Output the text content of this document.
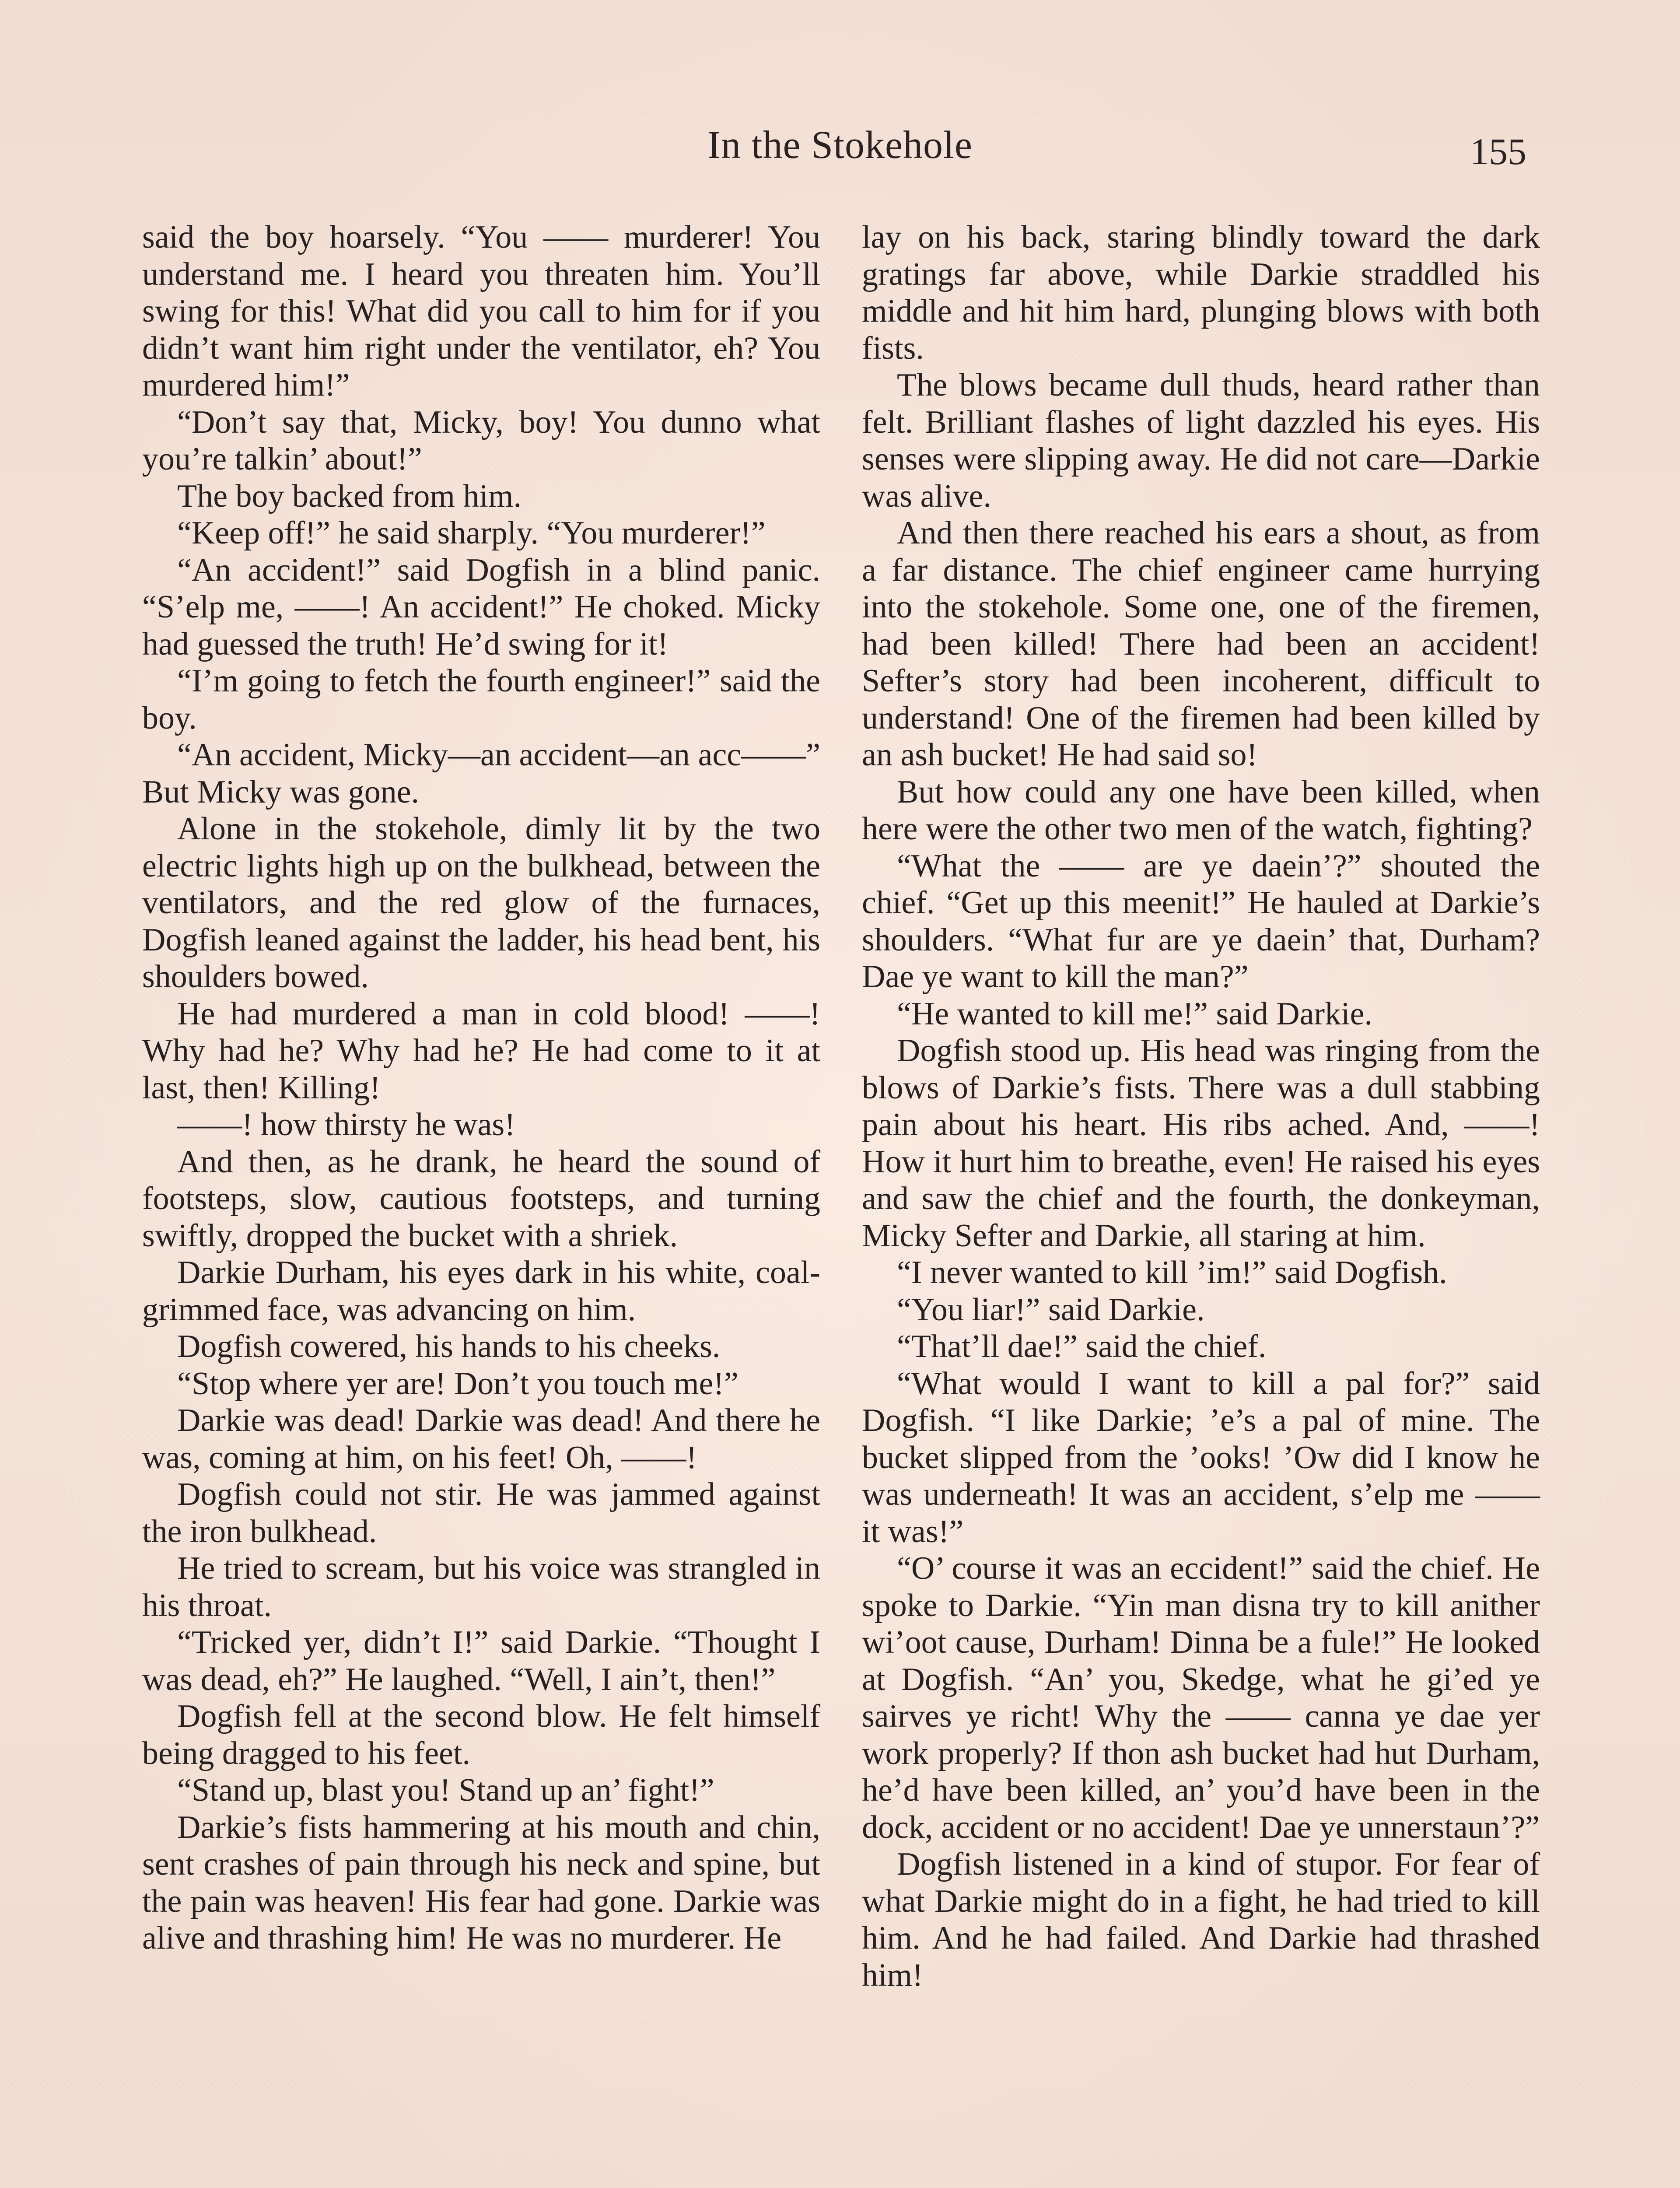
In the Stokehole	155

said the boy hoarsely. “You —— murderer! You understand me. I heard you threaten him. You’ll swing for this! What did you call to him for if you didn’t want him right under the ventilator, eh? You murdered him!”

“Don’t say that, Micky, boy! You dunno what you’re talkin’ about!”

The boy backed from him.

“Keep off!” he said sharply. “You murderer!”

“An accident!” said Dogfish in a blind panic. “S’elp me, ——! An accident!” He choked. Micky had guessed the truth! He’d swing for it!

“I’m going to fetch the fourth engineer!” said the boy.

“An accident, Micky—an accident—an acc——” But Micky was gone.

Alone in the stokehole, dimly lit by the two electric lights high up on the bulkhead, between the ventilators, and the red glow of the furnaces, Dogfish leaned against the ladder, his head bent, his shoulders bowed.

He had murdered a man in cold blood! ——! Why had he? Why had he? He had come to it at last, then! Killing!

——! how thirsty he was!

And then, as he drank, he heard the sound of footsteps, slow, cautious footsteps, and turning swiftly, dropped the bucket with a shriek.

Darkie Durham, his eyes dark in his white, coal-grimmed face, was advancing on him.

Dogfish cowered, his hands to his cheeks.

“Stop where yer are! Don’t you touch me!”

Darkie was dead! Darkie was dead! And there he was, coming at him, on his feet! Oh, ——!

Dogfish could not stir. He was jammed against the iron bulkhead.

He tried to scream, but his voice was strangled in his throat.

“Tricked yer, didn’t I!” said Darkie. “Thought I was dead, eh?” He laughed. “Well, I ain’t, then!”

Dogfish fell at the second blow. He felt himself being dragged to his feet.

“Stand up, blast you! Stand up an’ fight!”

Darkie’s fists hammering at his mouth and chin, sent crashes of pain through his neck and spine, but the pain was heaven! His fear had gone. Darkie was alive and thrashing him! He was no murderer. He

lay on his back, staring blindly toward the dark gratings far above, while Darkie straddled his middle and hit him hard, plunging blows with both fists.

The blows became dull thuds, heard rather than felt. Brilliant flashes of light dazzled his eyes. His senses were slipping away. He did not care—Darkie was alive.

And then there reached his ears a shout, as from a far distance. The chief engineer came hurrying into the stokehole. Some one, one of the firemen, had been killed! There had been an accident! Sefter’s story had been incoherent, difficult to understand! One of the firemen had been killed by an ash bucket! He had said so!

But how could any one have been killed, when here were the other two men of the watch, fighting?

“What the —— are ye daein’?” shouted the chief. “Get up this meenit!” He hauled at Darkie’s shoulders. “What fur are ye daein’ that, Durham? Dae ye want to kill the man?”

“He wanted to kill me!” said Darkie.

Dogfish stood up. His head was ringing from the blows of Darkie’s fists. There was a dull stabbing pain about his heart. His ribs ached. And, ——! How it hurt him to breathe, even! He raised his eyes and saw the chief and the fourth, the donkeyman, Micky Sefter and Darkie, all staring at him.

“I never wanted to kill ’im!” said Dogfish.

“You liar!” said Darkie.

“That’ll dae!” said the chief.

“What would I want to kill a pal for?” said Dogfish. “I like Darkie; ’e’s a pal of mine. The bucket slipped from the ’ooks! ’Ow did I know he was underneath! It was an accident, s’elp me —— it was!”

“O’ course it was an eccident!” said the chief. He spoke to Darkie. “Yin man disna try to kill anither wi’oot cause, Durham! Dinna be a fule!” He looked at Dogfish. “An’ you, Skedge, what he gi’ed ye sairves ye richt! Why the —— canna ye dae yer work properly? If thon ash bucket had hut Durham, he’d have been killed, an’ you’d have been in the dock, accident or no accident! Dae ye unnerstaun’?”

Dogfish listened in a kind of stupor. For fear of what Darkie might do in a fight, he had tried to kill him. And he had failed. And Darkie had thrashed him!
